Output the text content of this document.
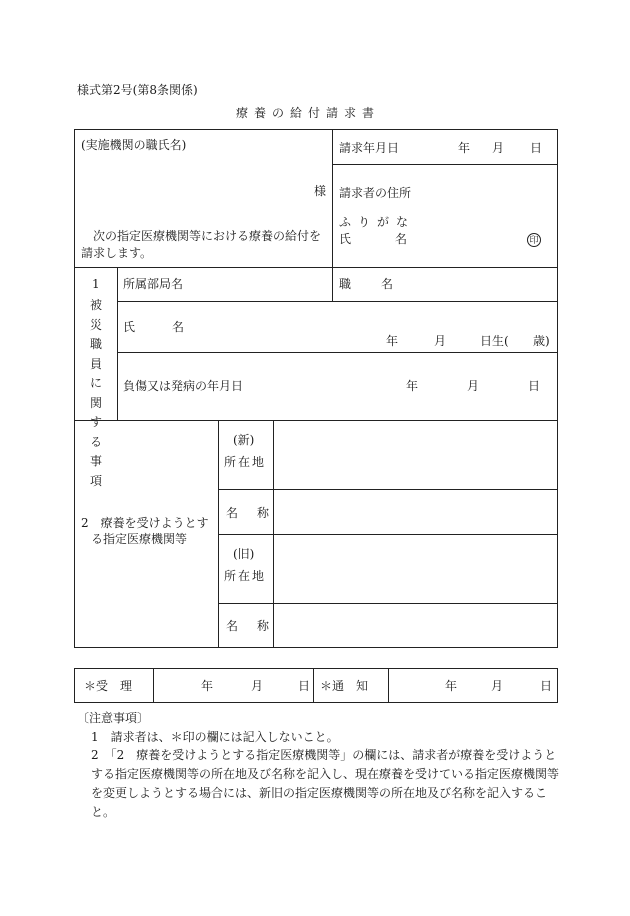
様式第2号(第8条関係)
療養の給付請求書
(実施機関の職氏名)
様
次の指定医療機関等における療養の給付を
請求します。
請求年月日	年 月 日
請求者の住所
ふりがな
氏名	印
1
被災職員に関する事項
所属部局名	職名
氏名
年	月	日生( 歳)
負傷又は発病の年月日	年	月	日
2　療養を受けようとす
る指定医療機関等
(新)
所在地
名称
(旧)
所在地
名称
＊受　理	年	月	日 ＊通　知	年	月	日
〔注意事項〕
1　請求者は、＊印の欄には記入しないこと。
2　「2　療養を受けようとする指定医療機関等」の欄には、請求者が療養を受けようと
する指定医療機関等の所在地及び名称を記入し、現在療養を受けている指定医療機関等
を変更しようとする場合には、新旧の指定医療機関等の所在地及び名称を記入するこ
と。
